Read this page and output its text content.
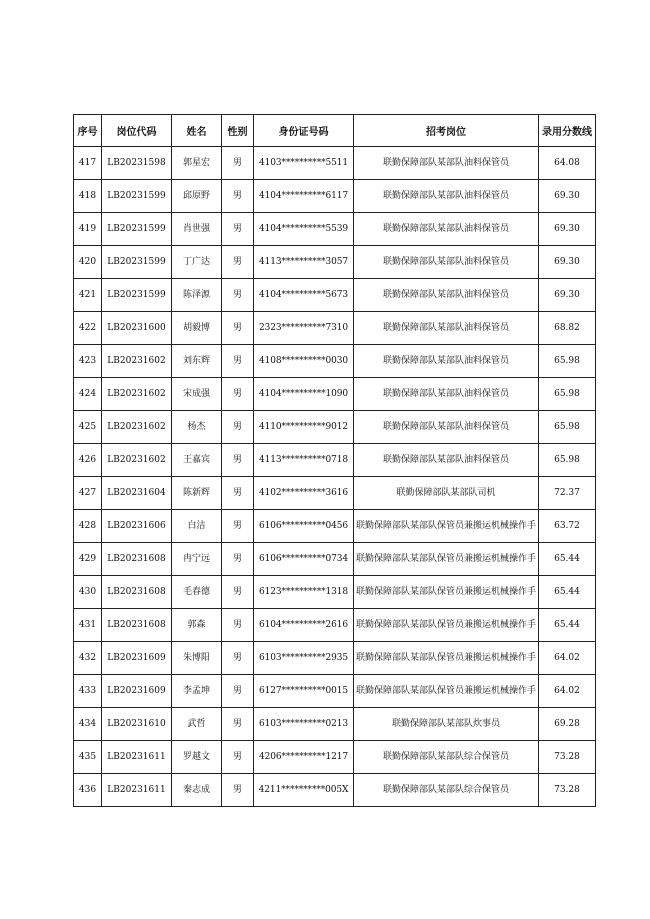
序号	岗位代码	姓名	性别	身份证号码	招考岗位	录用分数线
417	LB20231598	郭星宏	男	4103**********5511	联勤保障部队某部队油料保管员	64.08
418	LB20231599	邱原野	男	4104**********6117	联勤保障部队某部队油料保管员	69.30
419	LB20231599	肖世强	男	4104**********5539	联勤保障部队某部队油料保管员	69.30
420	LB20231599	丁广达	男	4113**********3057	联勤保障部队某部队油料保管员	69.30
421	LB20231599	陈泽源	男	4104**********5673	联勤保障部队某部队油料保管员	69.30
422	LB20231600	胡毅博	男	2323**********7310	联勤保障部队某部队油料保管员	68.82
423	LB20231602	刘东辉	男	4108**********0030	联勤保障部队某部队油料保管员	65.98
424	LB20231602	宋成强	男	4104**********1090	联勤保障部队某部队油料保管员	65.98
425	LB20231602	杨杰	男	4110**********9012	联勤保障部队某部队油料保管员	65.98
426	LB20231602	王嘉宾	男	4113**********0718	联勤保障部队某部队油料保管员	65.98
427	LB20231604	陈新辉	男	4102**********3616	联勤保障部队某部队司机	72.37
428	LB20231606	白洁	男	6106**********0456	联勤保障部队某部队保管员兼搬运机械操作手	63.72
429	LB20231608	冉宁远	男	6106**********0734	联勤保障部队某部队保管员兼搬运机械操作手	65.44
430	LB20231608	毛春德	男	6123**********1318	联勤保障部队某部队保管员兼搬运机械操作手	65.44
431	LB20231608	郭森	男	6104**********2616	联勤保障部队某部队保管员兼搬运机械操作手	65.44
432	LB20231609	朱博阳	男	6103**********2935	联勤保障部队某部队保管员兼搬运机械操作手	64.02
433	LB20231609	李孟坤	男	6127**********0015	联勤保障部队某部队保管员兼搬运机械操作手	64.02
434	LB20231610	武哲	男	6103**********0213	联勤保障部队某部队炊事员	69.28
435	LB20231611	罗越文	男	4206**********1217	联勤保障部队某部队综合保管员	73.28
436	LB20231611	秦志成	男	4211**********005X	联勤保障部队某部队综合保管员	73.28
